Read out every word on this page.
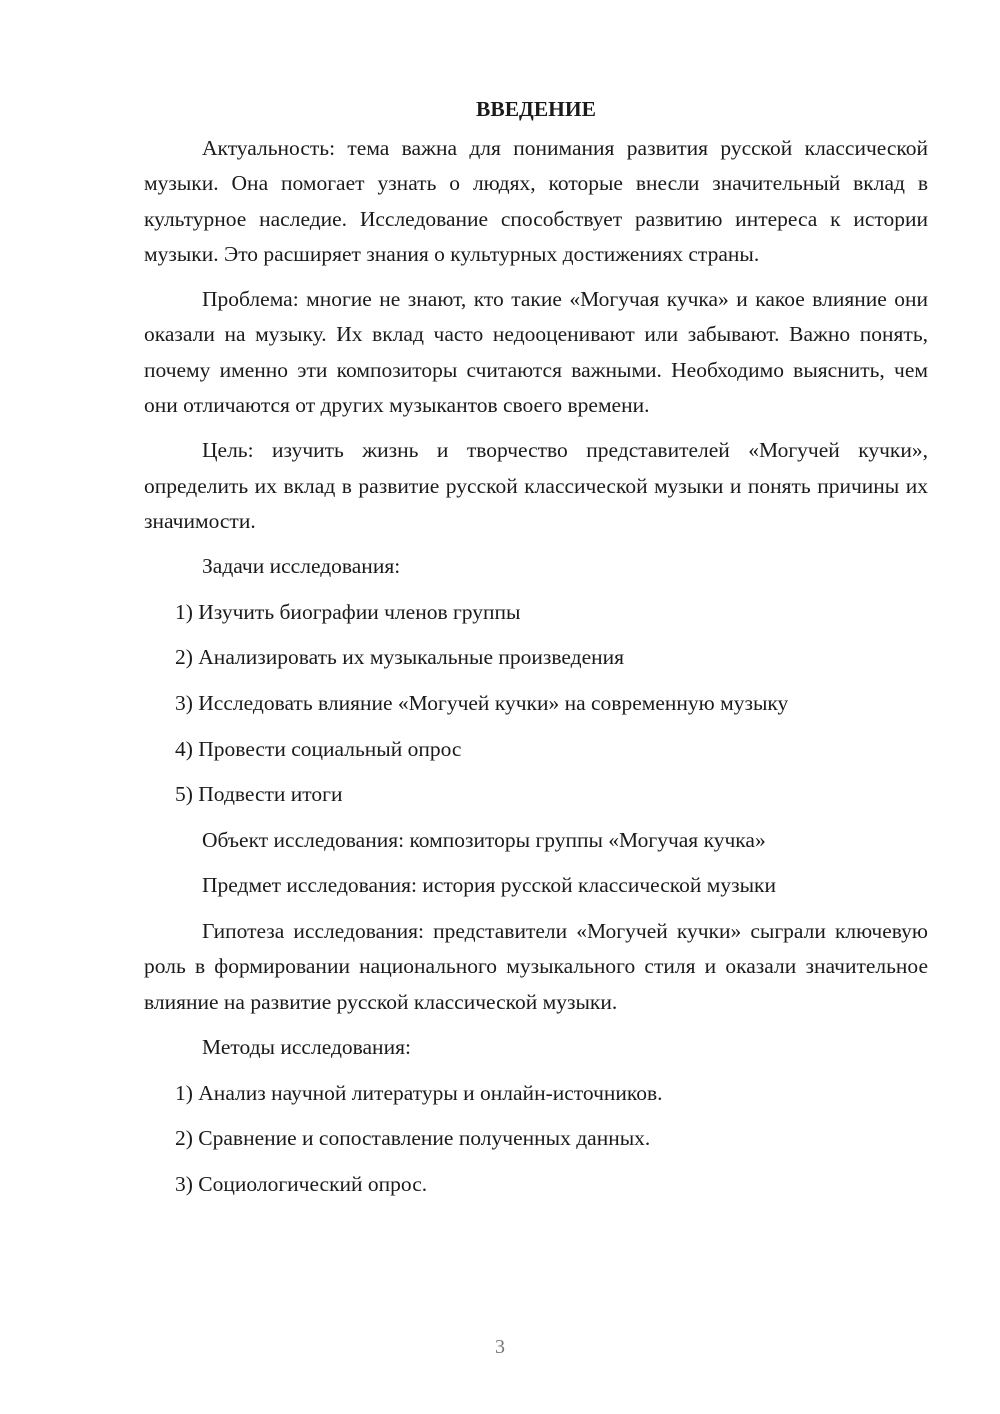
ВВЕДЕНИЕ
Актуальность: тема важна для понимания развития русской классической музыки. Она помогает узнать о людях, которые внесли значительный вклад в культурное наследие. Исследование способствует развитию интереса к истории музыки. Это расширяет знания о культурных достижениях страны.
Проблема: многие не знают, кто такие «Могучая кучка» и какое влияние они оказали на музыку. Их вклад часто недооценивают или забывают. Важно понять, почему именно эти композиторы считаются важными. Необходимо выяснить, чем они отличаются от других музыкантов своего времени.
Цель: изучить жизнь и творчество представителей «Могучей кучки», определить их вклад в развитие русской классической музыки и понять причины их значимости.
Задачи исследования:
1) Изучить биографии членов группы
2) Анализировать их музыкальные произведения
3) Исследовать влияние «Могучей кучки» на современную музыку
4) Провести социальный опрос
5) Подвести итоги
Объект исследования: композиторы группы «Могучая кучка»
Предмет исследования: история русской классической музыки
Гипотеза исследования: представители «Могучей кучки» сыграли ключевую роль в формировании национального музыкального стиля и оказали значительное влияние на развитие русской классической музыки.
Методы исследования:
1) Анализ научной литературы и онлайн-источников.
2) Сравнение и сопоставление полученных данных.
3) Социологический опрос.
3
